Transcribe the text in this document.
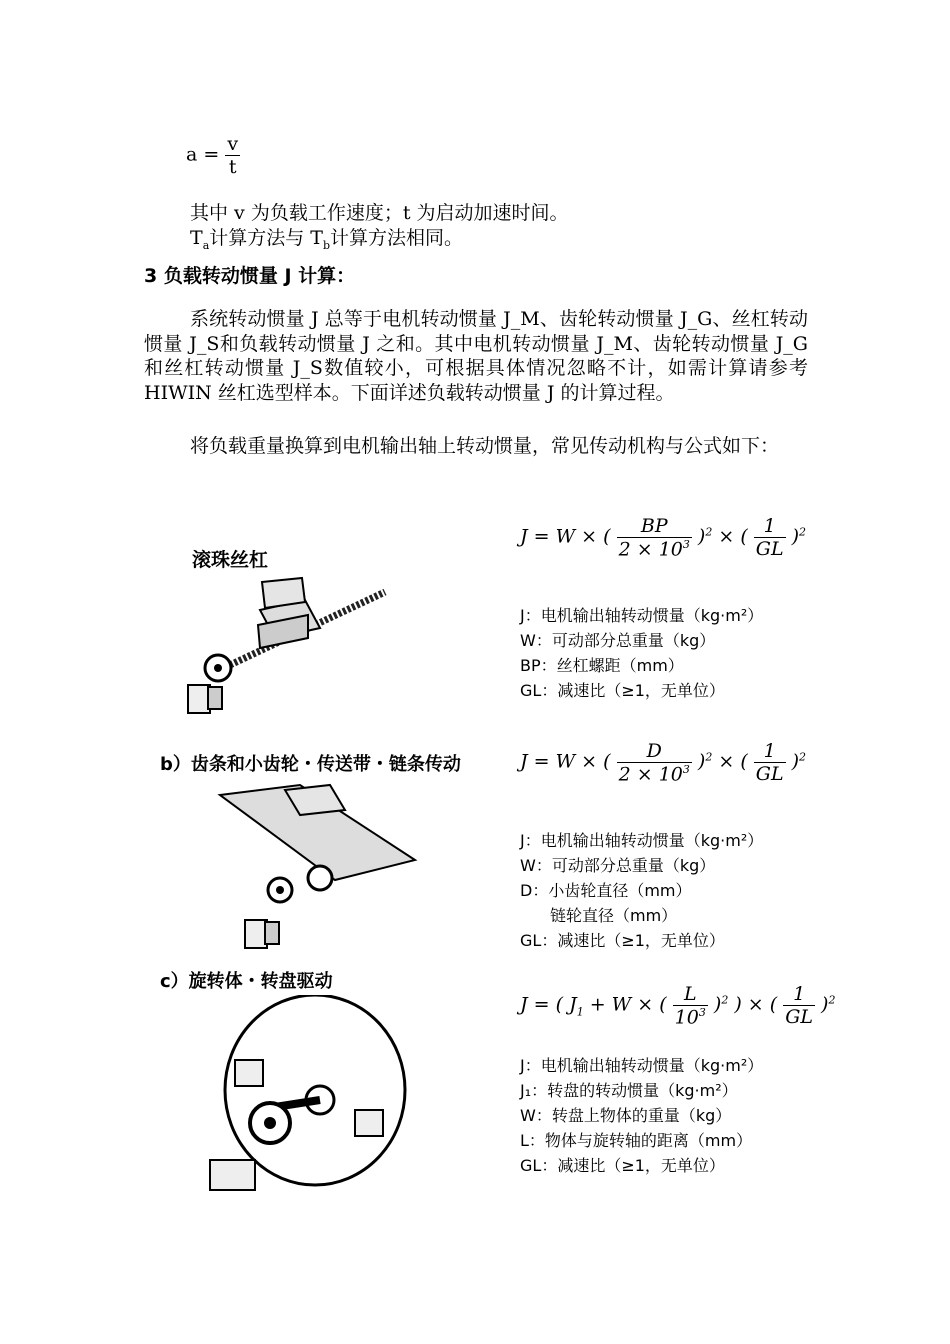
$a = \frac{v}{t}$
其中 v 为负载工作速度；t 为启动加速时间。
$T_a$计算方法与 $T_b$计算方法相同。
3 负载转动惯量 J 计算：
系统转动惯量 J 总等于电机转动惯量 J_M、齿轮转动惯量 J_G、丝杠转动惯量 J_S和负载转动惯量 J 之和。其中电机转动惯量 J_M、齿轮转动惯量 J_G和丝杠转动惯量 J_S数值较小，可根据具体情况忽略不计，如需计算请参考 HIWIN 丝杠选型样本。下面详述负载转动惯量 J 的计算过程。
将负载重量换算到电机输出轴上转动惯量，常见传动机构与公式如下：
滚珠丝杠
J = W × ( $\frac{BP}{2 \times 10^3} )^2$ × ( $\frac{1}{GL} )^2$
J：电机输出轴转动惯量（kg·m²）
W：可动部分总重量（kg）
BP：丝杠螺距（mm）
GL：减速比（≥1，无单位）
b）齿条和小齿轮・传送带・链条传动	J = W × ( $\frac{D}{2 \times 10^3} )^2$ × ( $\frac{1}{GL} )^2$
J：电机输出轴转动惯量（kg·m²）
W：可动部分总重量（kg）
D：小齿轮直径（mm）
链轮直径（mm）
GL：减速比（≥1，无单位）
c）旋转体・转盘驱动
J = ( $J_1 + W$ × ( $\frac{L}{10^3} )^2$ ) × ( $\frac{1}{GL} )^2$
J：电机输出轴转动惯量（kg·m²）
J₁：转盘的转动惯量（kg·m²）
W：转盘上物体的重量（kg）
L：物体与旋转轴的距离（mm）
GL：减速比（≥1，无单位）
